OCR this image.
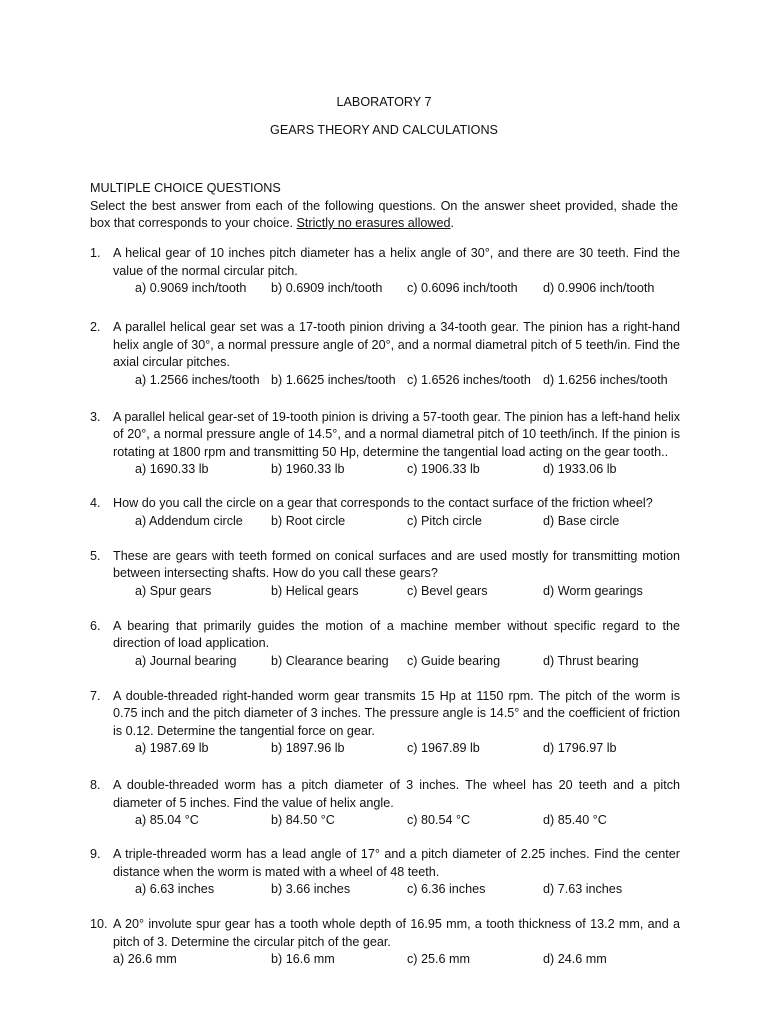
LABORATORY 7
GEARS THEORY AND CALCULATIONS
MULTIPLE CHOICE QUESTIONS
Select the best answer from each of the following questions. On the answer sheet provided, shade the box that corresponds to your choice. Strictly no erasures allowed.
1. A helical gear of 10 inches pitch diameter has a helix angle of 30°, and there are 30 teeth. Find the value of the normal circular pitch.
a) 0.9069 inch/tooth b) 0.6909 inch/tooth c) 0.6096 inch/tooth d) 0.9906 inch/tooth
2. A parallel helical gear set was a 17-tooth pinion driving a 34-tooth gear. The pinion has a right-hand helix angle of 30°, a normal pressure angle of 20°, and a normal diametral pitch of 5 teeth/in. Find the axial circular pitches.
a) 1.2566 inches/tooth b) 1.6625 inches/tooth c) 1.6526 inches/tooth d) 1.6256 inches/tooth
3. A parallel helical gear-set of 19-tooth pinion is driving a 57-tooth gear. The pinion has a left-hand helix of 20°, a normal pressure angle of 14.5°, and a normal diametral pitch of 10 teeth/inch. If the pinion is rotating at 1800 rpm and transmitting 50 Hp, determine the tangential load acting on the gear tooth..
a) 1690.33 lb	b) 1960.33 lb	c) 1906.33 lb	d) 1933.06 lb
4. How do you call the circle on a gear that corresponds to the contact surface of the friction wheel?
a) Addendum circle b) Root circle	c) Pitch circle	d) Base circle
5. These are gears with teeth formed on conical surfaces and are used mostly for transmitting motion between intersecting shafts. How do you call these gears?
a) Spur gears	b) Helical gears	c) Bevel gears	d) Worm gearings
6. A bearing that primarily guides the motion of a machine member without specific regard to the direction of load application.
a) Journal bearing	b) Clearance bearing c) Guide bearing	d) Thrust bearing
7. A double-threaded right-handed worm gear transmits 15 Hp at 1150 rpm. The pitch of the worm is 0.75 inch and the pitch diameter of 3 inches. The pressure angle is 14.5° and the coefficient of friction is 0.12. Determine the tangential force on gear.
a) 1987.69 lb	b) 1897.96 lb	c) 1967.89 lb	d) 1796.97 lb
8. A double-threaded worm has a pitch diameter of 3 inches. The wheel has 20 teeth and a pitch diameter of 5 inches. Find the value of helix angle.
a) 85.04 °C	b) 84.50 °C	c) 80.54 °C	d) 85.40 °C
9. A triple-threaded worm has a lead angle of 17° and a pitch diameter of 2.25 inches. Find the center distance when the worm is mated with a wheel of 48 teeth.
a) 6.63 inches	b) 3.66 inches	c) 6.36 inches	d) 7.63 inches
10. A 20° involute spur gear has a tooth whole depth of 16.95 mm, a tooth thickness of 13.2 mm, and a pitch of 3. Determine the circular pitch of the gear.
a) 26.6 mm	b) 16.6 mm	c) 25.6 mm	d) 24.6 mm
